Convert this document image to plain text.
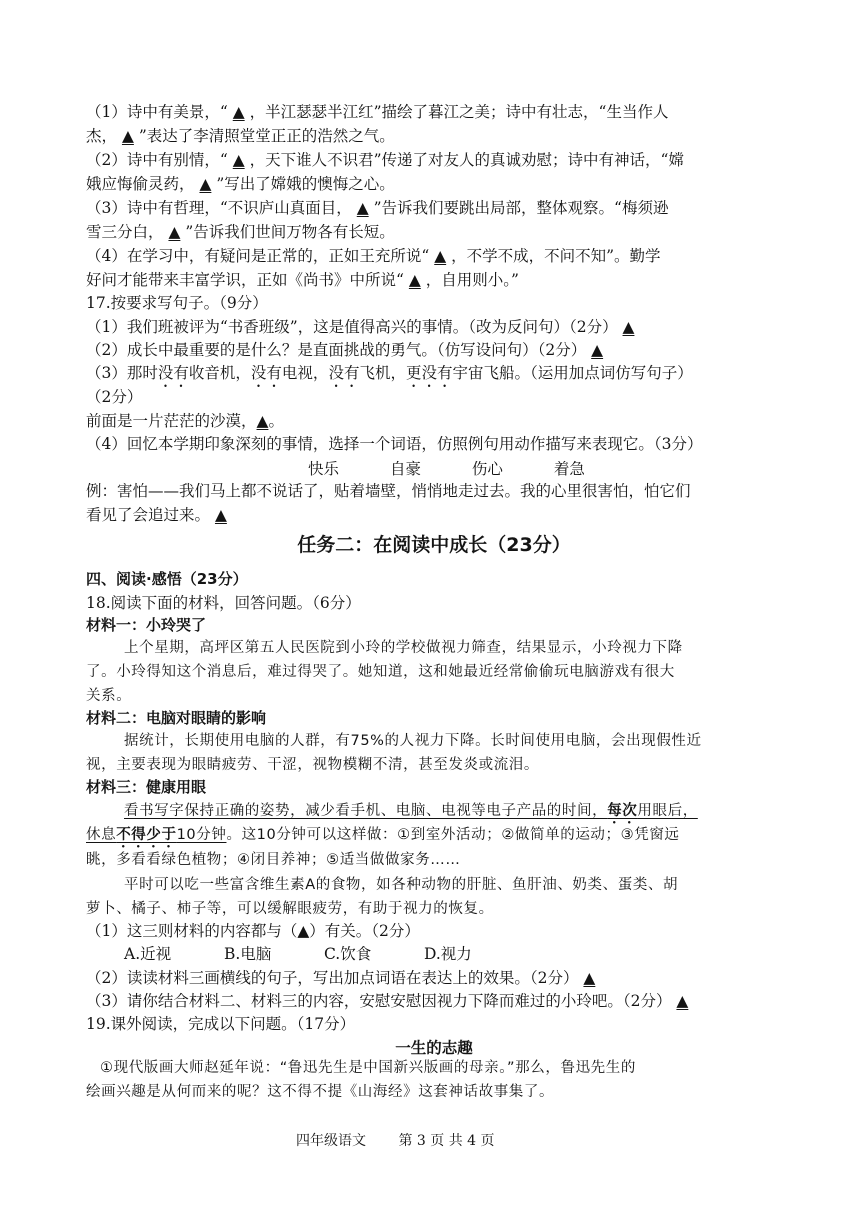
（1）诗中有美景，“ ▲ ，半江瑟瑟半江红”描绘了暮江之美；诗中有壮志，“生当作人
杰， ▲ ”表达了李清照堂堂正正的浩然之气。
（2）诗中有别情，“ ▲ ，天下谁人不识君”传递了对友人的真诚劝慰；诗中有神话，“嫦
娥应悔偷灵药， ▲ ”写出了嫦娥的懊悔之心。
（3）诗中有哲理，“不识庐山真面目， ▲ ”告诉我们要跳出局部，整体观察。“梅须逊
雪三分白， ▲ ”告诉我们世间万物各有长短。
（4）在学习中，有疑问是正常的，正如王充所说“ ▲ ，不学不成，不问不知”。勤学
好问才能带来丰富学识，正如《尚书》中所说“ ▲ ，自用则小。”
17.按要求写句子。（9分）
（1）我们班被评为“书香班级”，这是值得高兴的事情。（改为反问句）（2分） ▲
（2）成长中最重要的是什么？是直面挑战的勇气。（仿写设问句）（2分） ▲
（3）那时没有收音机，没有电视，没有飞机，更没有宇宙飞船。（运用加点词仿写句子）
（2分）
前面是一片茫茫的沙漠，▲。
（4）回忆本学期印象深刻的事情，选择一个词语，仿照例句用动作描写来表现它。（3分）
快乐	自豪	伤心	着急
例：害怕——我们马上都不说话了，贴着墙壁，悄悄地走过去。我的心里很害怕，怕它们
看见了会追过来。 ▲
任务二：在阅读中成长（23分）
四、阅读·感悟（23分）
18.阅读下面的材料，回答问题。（6分）
材料一：小玲哭了
上个星期，高坪区第五人民医院到小玲的学校做视力筛查，结果显示，小玲视力下降
了。小玲得知这个消息后，难过得哭了。她知道，这和她最近经常偷偷玩电脑游戏有很大
关系。
材料二：电脑对眼睛的影响
据统计，长期使用电脑的人群，有75%的人视力下降。长时间使用电脑，会出现假性近
视，主要表现为眼睛疲劳、干涩，视物模糊不清，甚至发炎或流泪。
材料三：健康用眼
看书写字保持正确的姿势，减少看手机、电脑、电视等电子产品的时间，每次用眼后，
休息不得少于10分钟。这10分钟可以这样做：①到室外活动；②做简单的运动；③凭窗远
眺，多看看绿色植物；④闭目养神；⑤适当做做家务……
平时可以吃一些富含维生素A的食物，如各种动物的肝脏、鱼肝油、奶类、蛋类、胡
萝卜、橘子、柿子等，可以缓解眼疲劳，有助于视力的恢复。
（1）这三则材料的内容都与（▲）有关。（2分）
A.近视	B.电脑	C.饮食	D.视力
（2）读读材料三画横线的句子，写出加点词语在表达上的效果。（2分） ▲
（3）请你结合材料二、材料三的内容，安慰安慰因视力下降而难过的小玲吧。（2分） ▲
19.课外阅读，完成以下问题。（17分）
一生的志趣
①现代版画大师赵延年说：“鲁迅先生是中国新兴版画的母亲。”那么，鲁迅先生的
绘画兴趣是从何而来的呢？这不得不提《山海经》这套神话故事集了。
四年级语文 第 3 页 共 4 页
